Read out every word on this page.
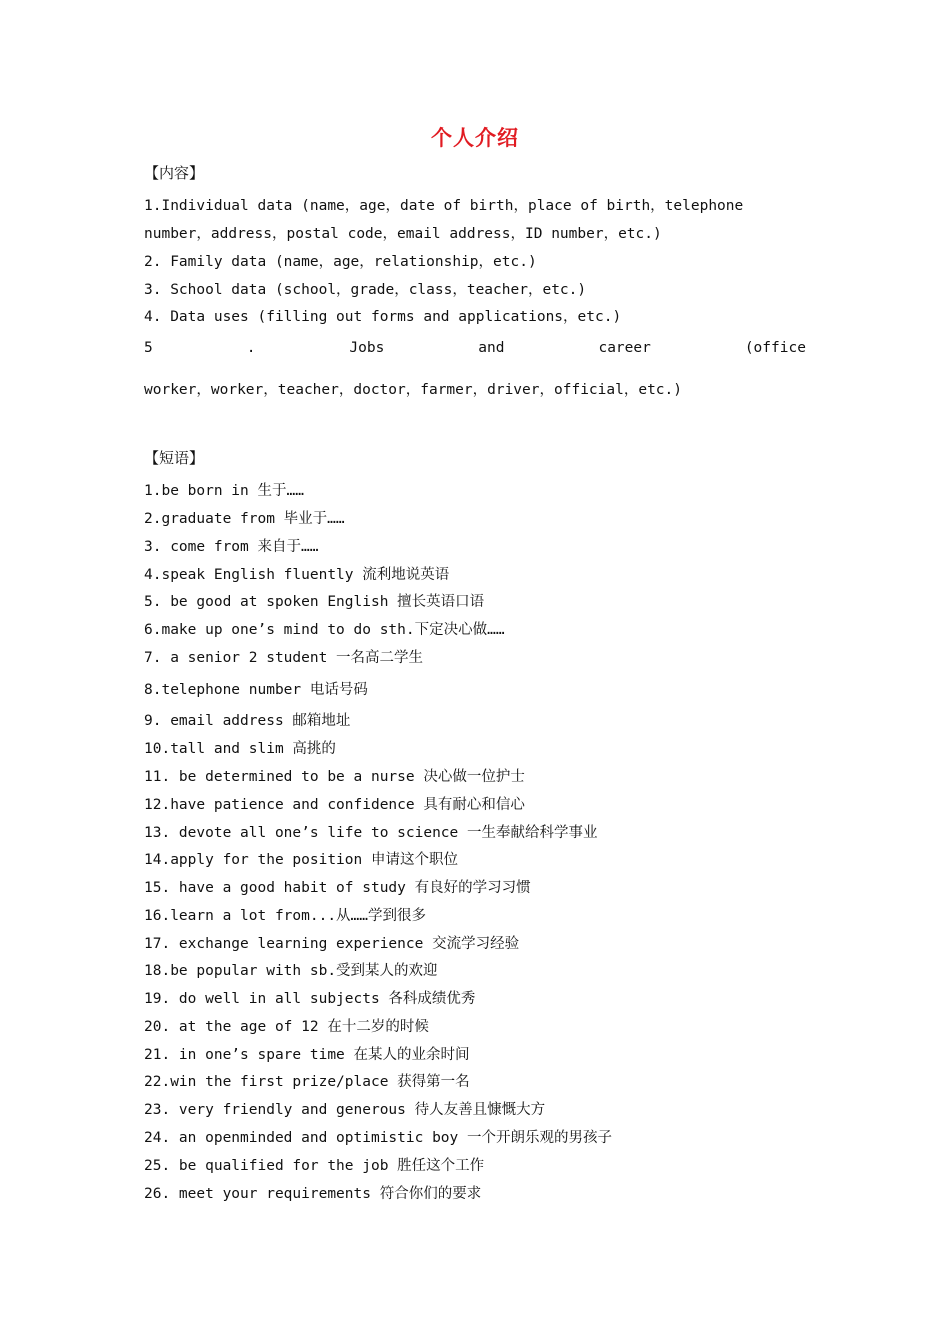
个人介绍
【内容】
1.Individual data (name，age，date of birth，place of birth，telephone
number，address，postal code，email address，ID number，etc.)
2. Family data (name，age，relationship，etc.)
3. School data (school，grade，class，teacher，etc.)
4. Data uses (filling out forms and applications，etc.)
5	.	Jobs	and	career	(office
worker，worker，teacher，doctor，farmer，driver，official，etc.)
【短语】
1.be born in 生于……
2.graduate from 毕业于……
3. come from 来自于……
4.speak English fluently 流利地说英语
5. be good at spoken English 擅长英语口语
6.make up one’s mind to do sth.下定决心做……
7. a senior 2 student 一名高二学生
8.telephone number 电话号码
9. email address 邮箱地址
10.tall and slim 高挑的
11. be determined to be a nurse 决心做一位护士
12.have patience and confidence 具有耐心和信心
13. devote all one’s life to science 一生奉献给科学事业
14.apply for the position 申请这个职位
15. have a good habit of study 有良好的学习习惯
16.learn a lot from...从……学到很多
17. exchange learning experience 交流学习经验
18.be popular with sb.受到某人的欢迎
19. do well in all subjects 各科成绩优秀
20. at the age of 12 在十二岁的时候
21. in one’s spare time 在某人的业余时间
22.win the first prize/place 获得第一名
23. very friendly and generous 待人友善且慷慨大方
24. an openminded and optimistic boy 一个开朗乐观的男孩子
25. be qualified for the job 胜任这个工作
26. meet your requirements 符合你们的要求
